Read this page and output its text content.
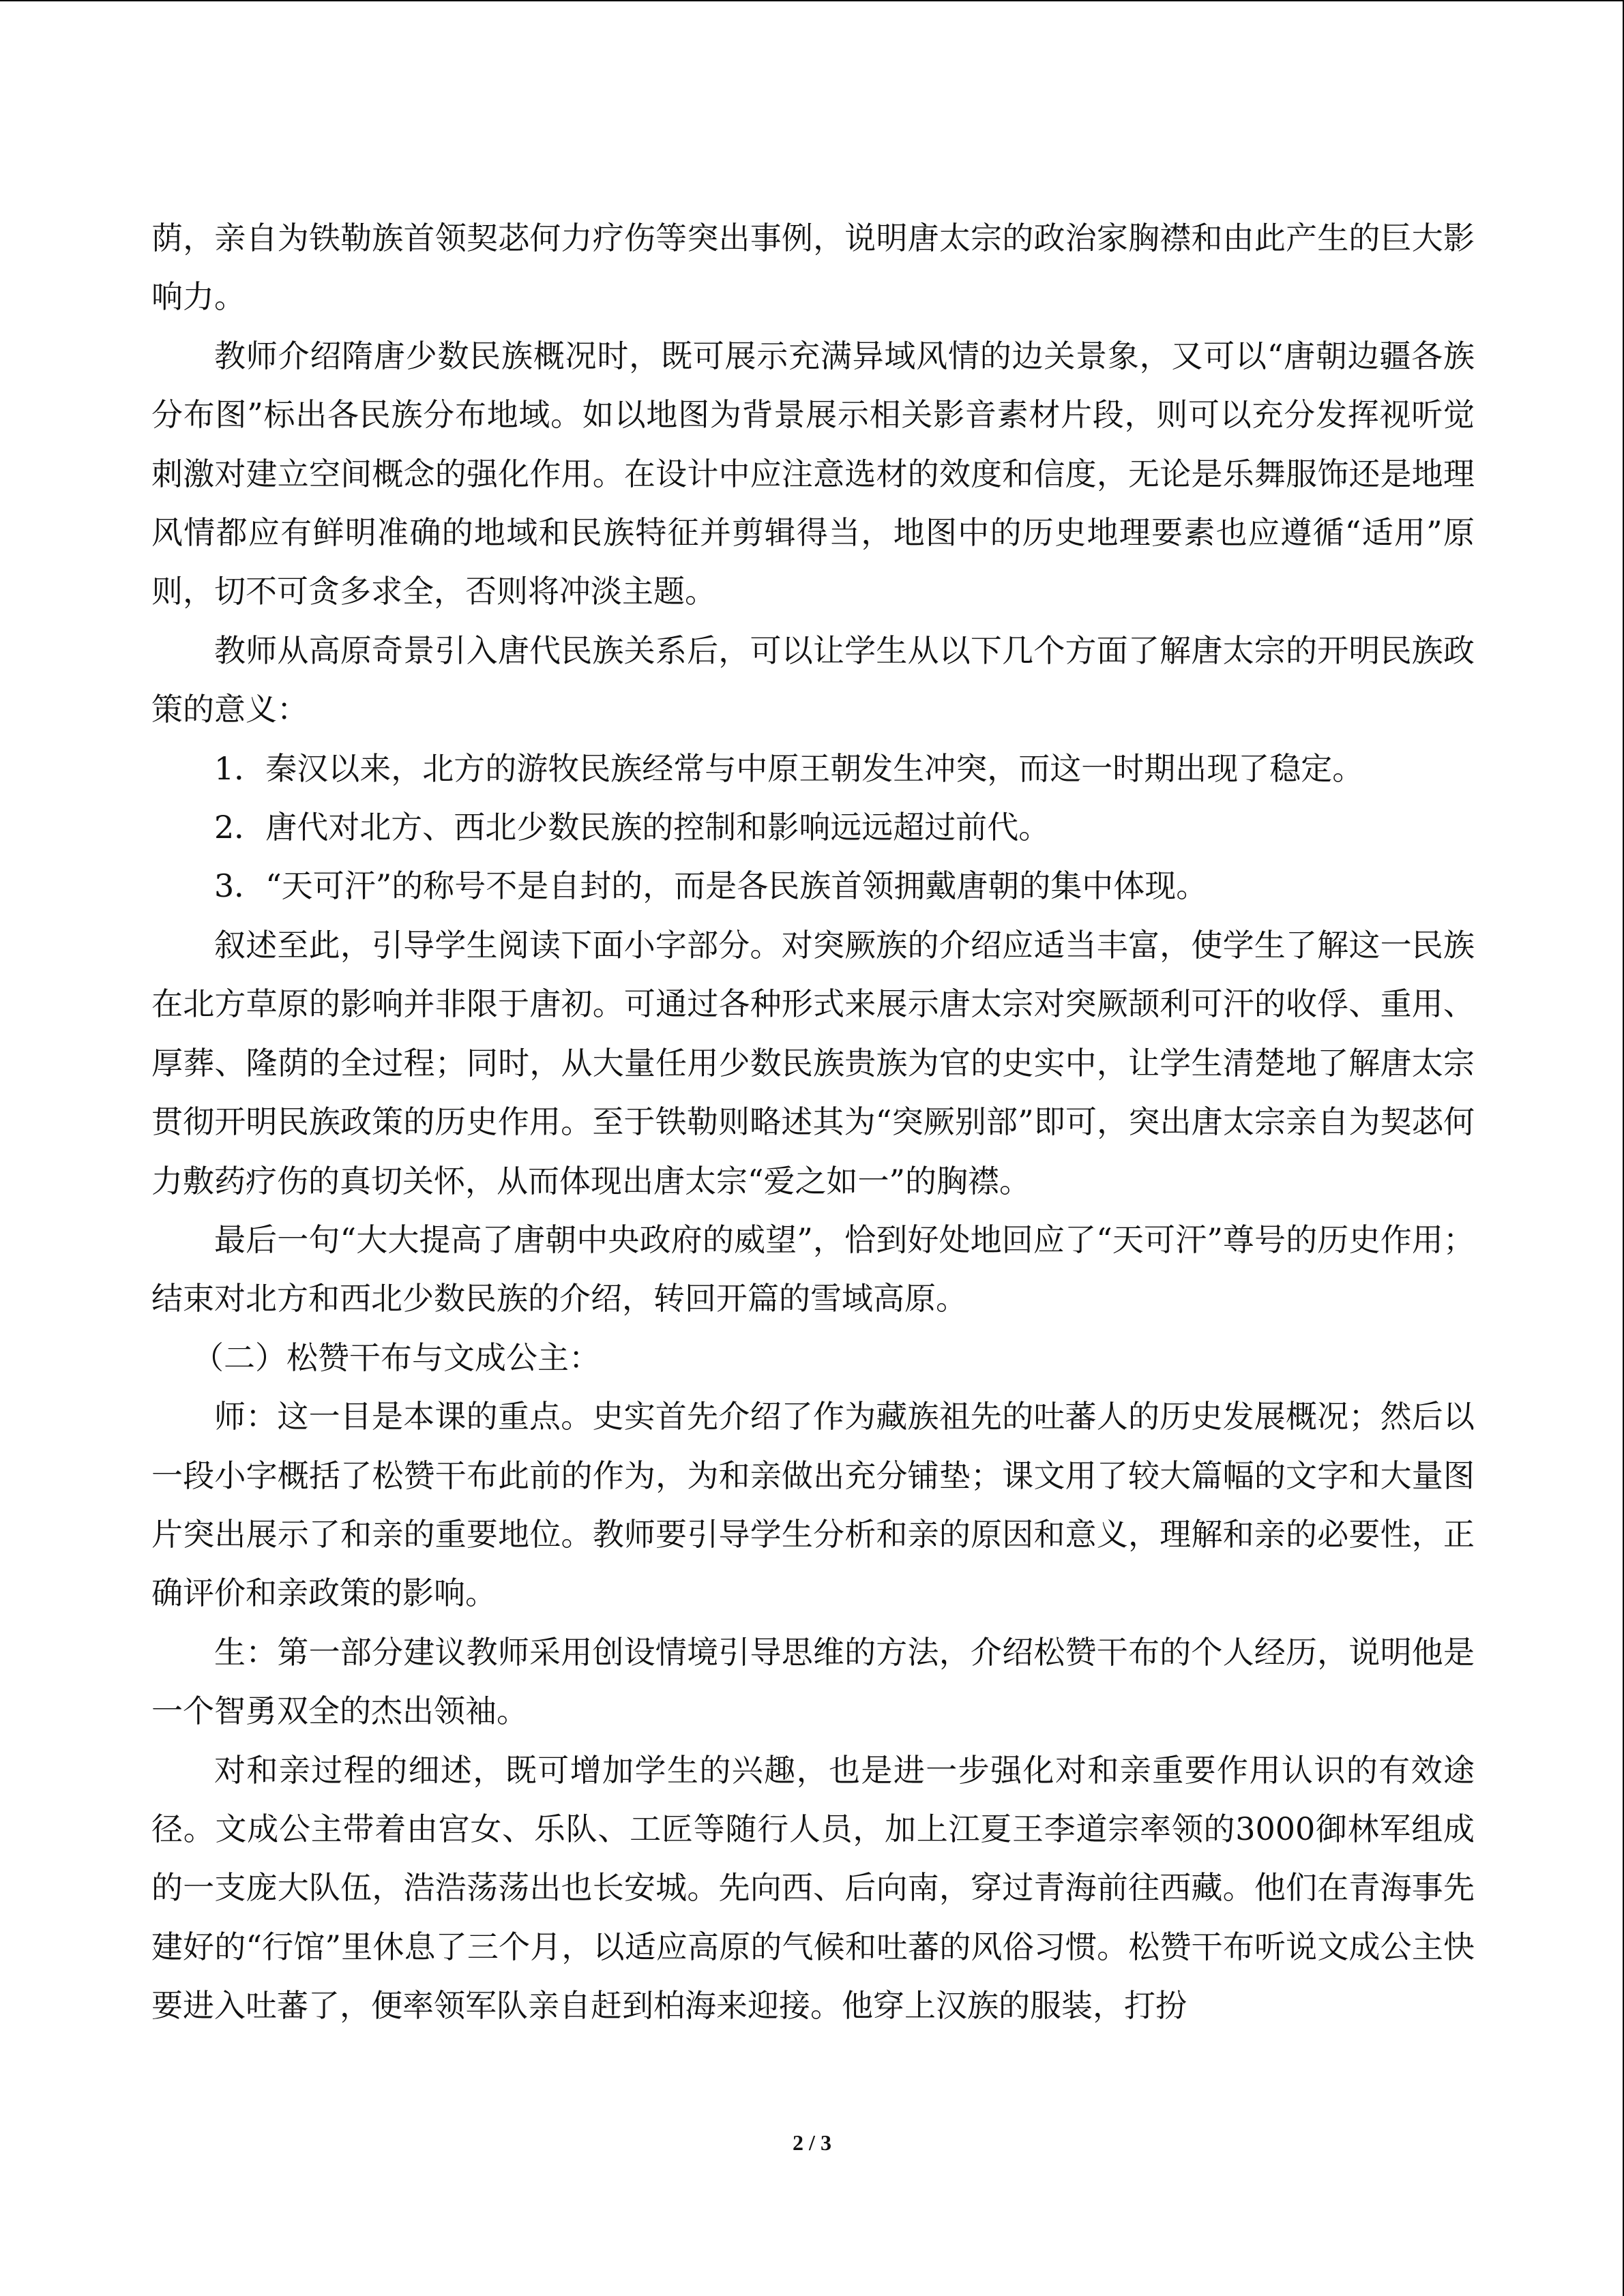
荫，亲自为铁勒族首领契苾何力疗伤等突出事例，说明唐太宗的政治家胸襟和由此产生的巨大影响力。

教师介绍隋唐少数民族概况时，既可展示充满异域风情的边关景象，又可以“唐朝边疆各族分布图”标出各民族分布地域。如以地图为背景展示相关影音素材片段，则可以充分发挥视听觉刺激对建立空间概念的强化作用。在设计中应注意选材的效度和信度，无论是乐舞服饰还是地理风情都应有鲜明准确的地域和民族特征并剪辑得当，地图中的历史地理要素也应遵循“适用”原则，切不可贪多求全，否则将冲淡主题。

教师从高原奇景引入唐代民族关系后，可以让学生从以下几个方面了解唐太宗的开明民族政策的意义：

1．秦汉以来，北方的游牧民族经常与中原王朝发生冲突，而这一时期出现了稳定。

2．唐代对北方、西北少数民族的控制和影响远远超过前代。

3．“天可汗”的称号不是自封的，而是各民族首领拥戴唐朝的集中体现。

叙述至此，引导学生阅读下面小字部分。对突厥族的介绍应适当丰富，使学生了解这一民族在北方草原的影响并非限于唐初。可通过各种形式来展示唐太宗对突厥颉利可汗的收俘、重用、厚葬、隆荫的全过程；同时，从大量任用少数民族贵族为官的史实中，让学生清楚地了解唐太宗贯彻开明民族政策的历史作用。至于铁勒则略述其为“突厥别部”即可，突出唐太宗亲自为契苾何力敷药疗伤的真切关怀，从而体现出唐太宗“爱之如一”的胸襟。

最后一句“大大提高了唐朝中央政府的威望”，恰到好处地回应了“天可汗”尊号的历史作用；结束对北方和西北少数民族的介绍，转回开篇的雪域高原。

（二）松赞干布与文成公主：

师：这一目是本课的重点。史实首先介绍了作为藏族祖先的吐蕃人的历史发展概况；然后以一段小字概括了松赞干布此前的作为，为和亲做出充分铺垫；课文用了较大篇幅的文字和大量图片突出展示了和亲的重要地位。教师要引导学生分析和亲的原因和意义，理解和亲的必要性，正确评价和亲政策的影响。

生：第一部分建议教师采用创设情境引导思维的方法，介绍松赞干布的个人经历，说明他是一个智勇双全的杰出领袖。

对和亲过程的细述，既可增加学生的兴趣，也是进一步强化对和亲重要作用认识的有效途径。文成公主带着由宫女、乐队、工匠等随行人员，加上江夏王李道宗率领的3000御林军组成的一支庞大队伍，浩浩荡荡出也长安城。先向西、后向南，穿过青海前往西藏。他们在青海事先建好的“行馆”里休息了三个月，以适应高原的气候和吐蕃的风俗习惯。松赞干布听说文成公主快要进入吐蕃了，便率领军队亲自赶到柏海来迎接。他穿上汉族的服装，打扮

2 / 3
